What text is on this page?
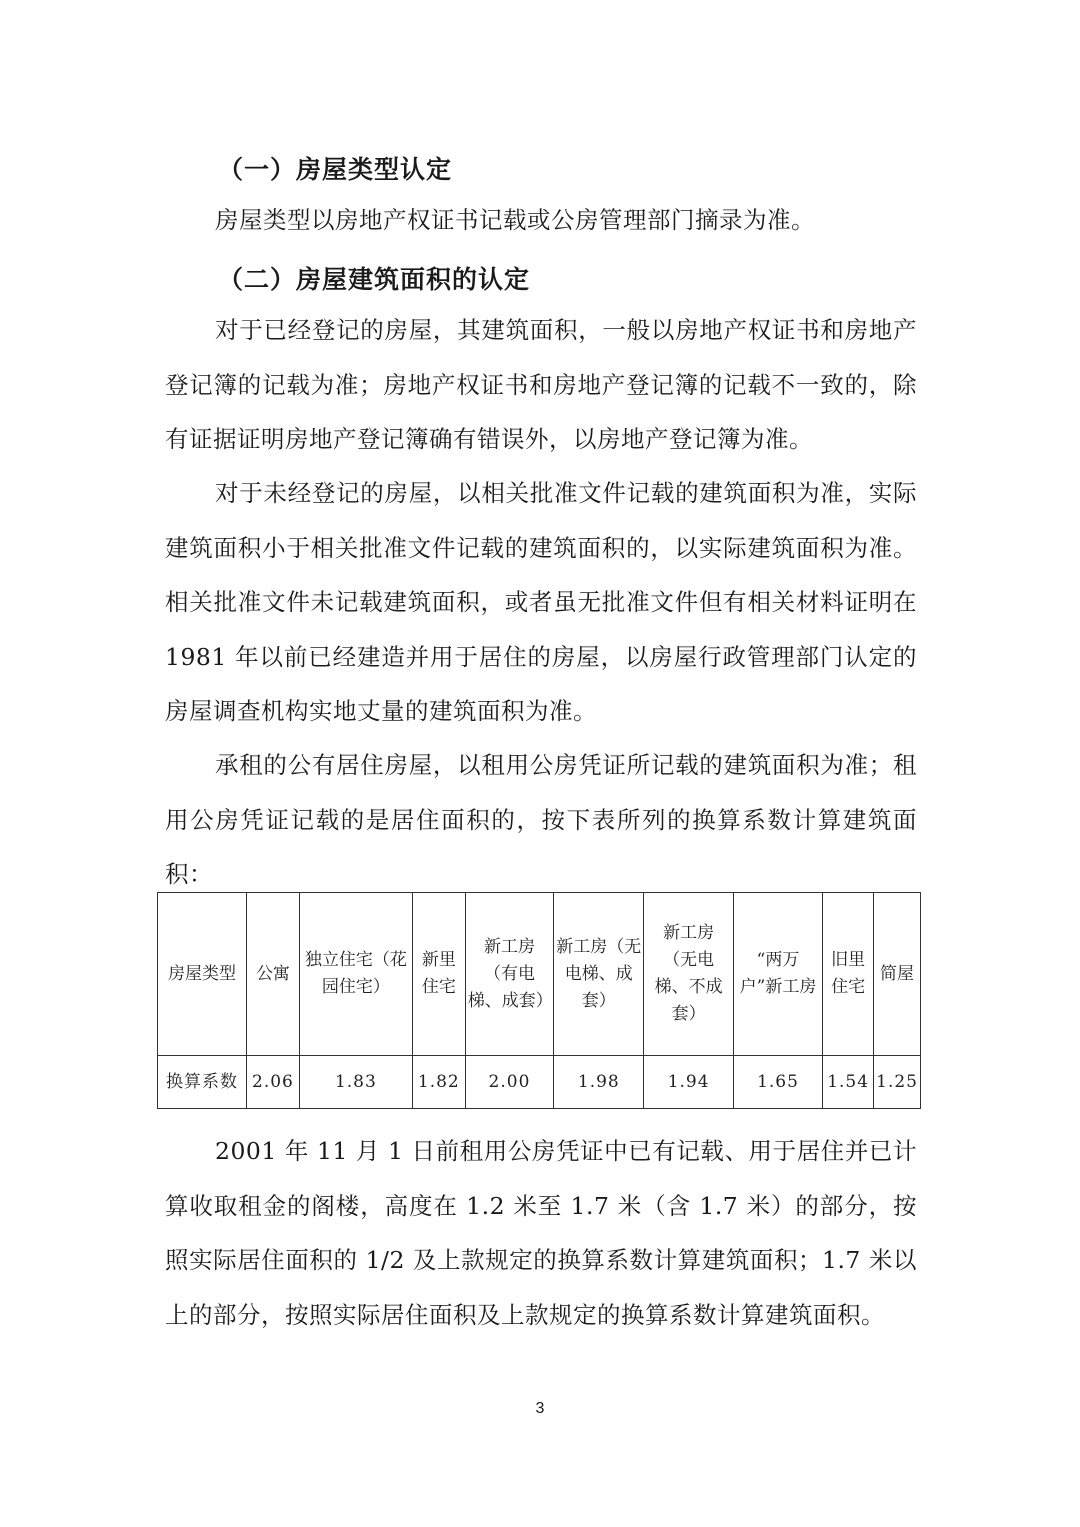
（一）房屋类型认定
房屋类型以房地产权证书记载或公房管理部门摘录为准。
（二）房屋建筑面积的认定
对于已经登记的房屋，其建筑面积，一般以房地产权证书和房地产登记簿的记载为准；房地产权证书和房地产登记簿的记载不一致的，除有证据证明房地产登记簿确有错误外，以房地产登记簿为准。
对于未经登记的房屋，以相关批准文件记载的建筑面积为准，实际建筑面积小于相关批准文件记载的建筑面积的，以实际建筑面积为准。相关批准文件未记载建筑面积，或者虽无批准文件但有相关材料证明在 1981 年以前已经建造并用于居住的房屋，以房屋行政管理部门认定的房屋调查机构实地丈量的建筑面积为准。
承租的公有居住房屋，以租用公房凭证所记载的建筑面积为准；租用公房凭证记载的是居住面积的，按下表所列的换算系数计算建筑面积：
房屋类型	公寓	独立住宅（花园住宅）	新里住宅	新工房（有电梯、成套）	新工房（无电梯、成套）	新工房（无电梯、不成套）	“两万户”新工房	旧里住宅	简屋
换算系数	2.06	1.83	1.82	2.00	1.98	1.94	1.65	1.54	1.25
2001 年 11 月 1 日前租用公房凭证中已有记载、用于居住并已计算收取租金的阁楼，高度在 1.2 米至 1.7 米（含 1.7 米）的部分，按照实际居住面积的 1/2 及上款规定的换算系数计算建筑面积；1.7 米以上的部分，按照实际居住面积及上款规定的换算系数计算建筑面积。
3
